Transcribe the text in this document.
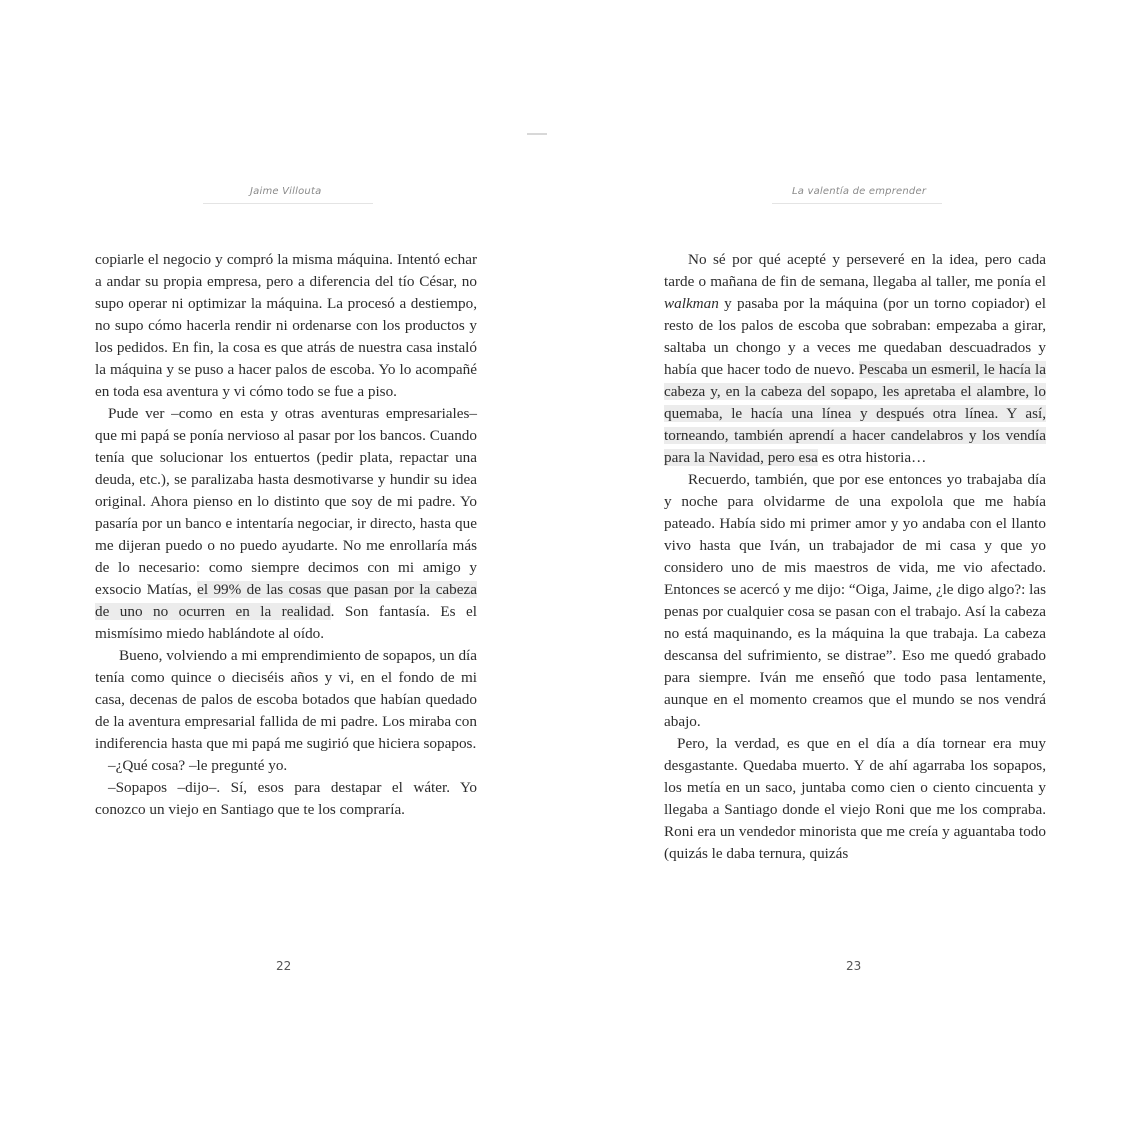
Jaime Villouta

copiarle el negocio y compró la misma máquina. Intentó echar a andar su propia empresa, pero a diferencia del tío César, no supo operar ni optimizar la máquina. La procesó a destiempo, no supo cómo hacerla rendir ni ordenarse con los productos y los pedidos. En fin, la cosa es que atrás de nuestra casa instaló la máquina y se puso a hacer palos de escoba. Yo lo acompañé en toda esa aventura y vi cómo todo se fue a piso.

Pude ver –como en esta y otras aventuras empresariales– que mi papá se ponía nervioso al pasar por los bancos. Cuando tenía que solucionar los entuertos (pedir plata, repactar una deuda, etc.), se paralizaba hasta desmotivarse y hundir su idea original. Ahora pienso en lo distinto que soy de mi padre. Yo pasaría por un banco e intentaría negociar, ir directo, hasta que me dijeran puedo o no puedo ayudarte. No me enrollaría más de lo necesario: como siempre decimos con mi amigo y exsocio Matías, el 99% de las cosas que pasan por la cabeza de uno no ocurren en la realidad. Son fantasía. Es el mismísimo miedo hablándote al oído.

Bueno, volviendo a mi emprendimiento de sopapos, un día tenía como quince o dieciséis años y vi, en el fondo de mi casa, decenas de palos de escoba botados que habían quedado de la aventura empresarial fallida de mi padre. Los miraba con indiferencia hasta que mi papá me sugirió que hiciera sopapos.

–¿Qué cosa? –le pregunté yo.

–Sopapos –dijo–. Sí, esos para destapar el wáter. Yo conozco un viejo en Santiago que te los compraría.

22
La valentía de emprender

No sé por qué acepté y perseveré en la idea, pero cada tarde o mañana de fin de semana, llegaba al taller, me ponía el walkman y pasaba por la máquina (por un torno copiador) el resto de los palos de escoba que sobraban: empezaba a girar, saltaba un chongo y a veces me quedaban descuadrados y había que hacer todo de nuevo. Pescaba un esmeril, le hacía la cabeza y, en la cabeza del sopapo, les apretaba el alambre, lo quemaba, le hacía una línea y después otra línea. Y así, torneando, también aprendí a hacer candelabros y los vendía para la Navidad, pero esa es otra historia…

Recuerdo, también, que por ese entonces yo trabajaba día y noche para olvidarme de una expolola que me había pateado. Había sido mi primer amor y yo andaba con el llanto vivo hasta que Iván, un trabajador de mi casa y que yo considero uno de mis maestros de vida, me vio afectado. Entonces se acercó y me dijo: “Oiga, Jaime, ¿le digo algo?: las penas por cualquier cosa se pasan con el trabajo. Así la cabeza no está maquinando, es la máquina la que trabaja. La cabeza descansa del sufrimiento, se distrae”. Eso me quedó grabado para siempre. Iván me enseñó que todo pasa lentamente, aunque en el momento creamos que el mundo se nos vendrá abajo.

Pero, la verdad, es que en el día a día tornear era muy desgastante. Quedaba muerto. Y de ahí agarraba los sopapos, los metía en un saco, juntaba como cien o ciento cincuenta y llegaba a Santiago donde el viejo Roni que me los compraba. Roni era un vendedor minorista que me creía y aguantaba todo (quizás le daba ternura, quizás

23
